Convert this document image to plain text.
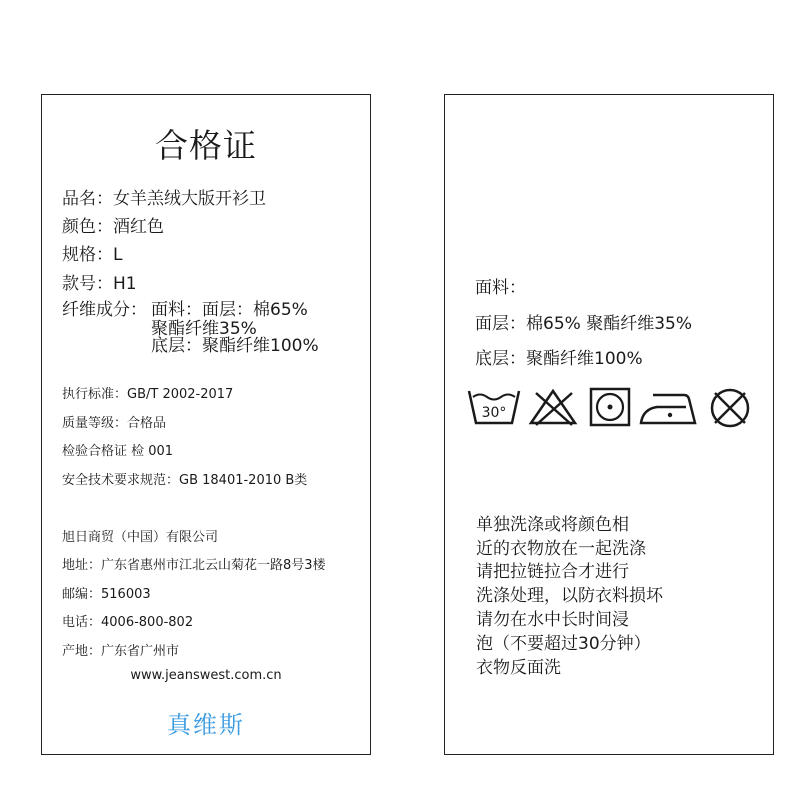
合格证
品名：女羊羔绒大版开衫卫
颜色：酒红色
规格：L
款号：H1
纤维成分： 面料：面层：棉65%
聚酯纤维35%
底层：聚酯纤维100%
执行标准：GB/T 2002-2017
质量等级：合格品
检验合格证 检 001
安全技术要求规范：GB 18401-2010 B类
旭日商贸（中国）有限公司
地址：广东省惠州市江北云山菊花一路8号3楼
邮编：516003
电话：4006-800-802
产地：广东省广州市
www.jeanswest.com.cn
真维斯
面料：
面层：棉65% 聚酯纤维35%
底层：聚酯纤维100%
30°
单独洗涤或将颜色相
近的衣物放在一起洗涤
请把拉链拉合才进行
洗涤处理，以防衣料损坏
请勿在水中长时间浸
泡（不要超过30分钟）
衣物反面洗
